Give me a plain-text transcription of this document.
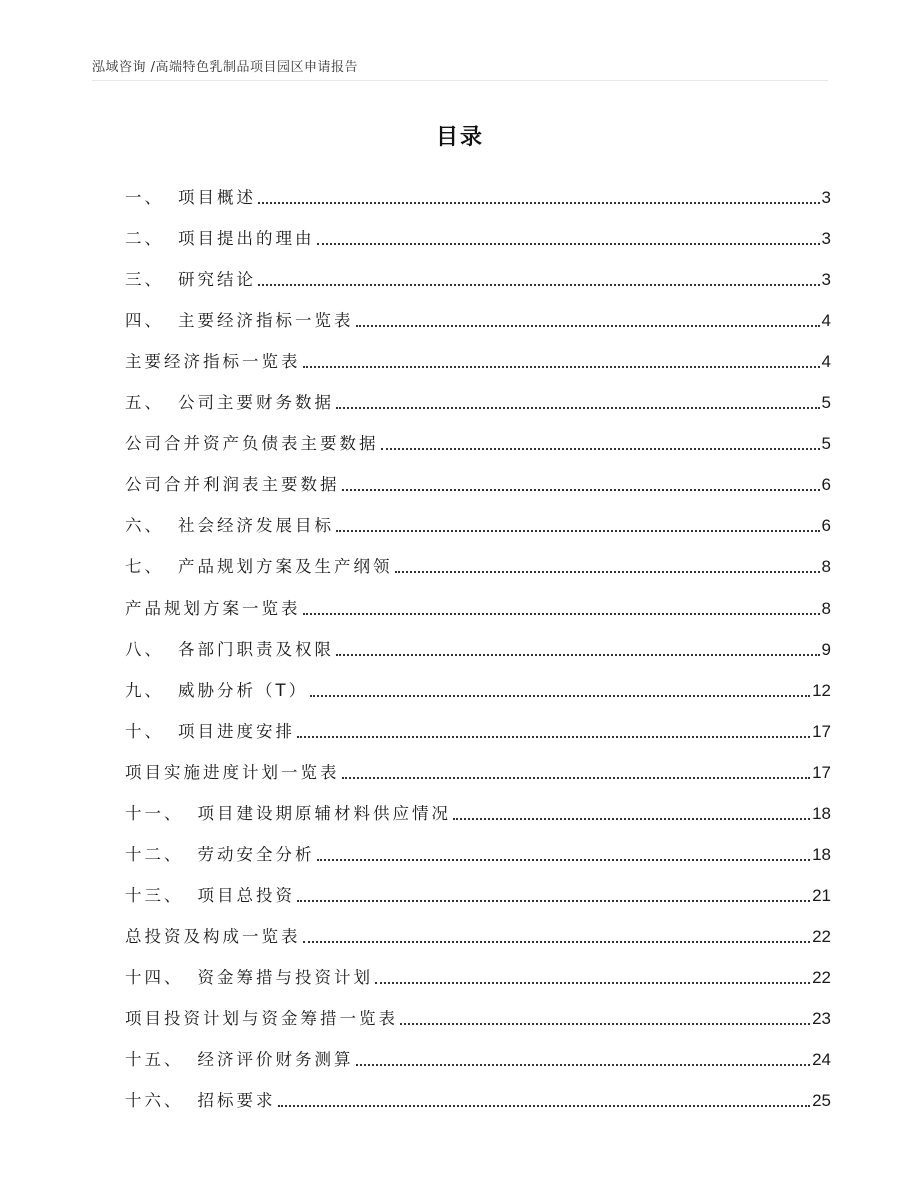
泓域咨询 /高端特色乳制品项目园区申请报告
目录
一、 项目概述	3
二、 项目提出的理由	3
三、 研究结论	3
四、 主要经济指标一览表	4
主要经济指标一览表	4
五、 公司主要财务数据	5
公司合并资产负债表主要数据	5
公司合并利润表主要数据	6
六、 社会经济发展目标	6
七、 产品规划方案及生产纲领	8
产品规划方案一览表	8
八、 各部门职责及权限	9
九、 威胁分析（T）	12
十、 项目进度安排	17
项目实施进度计划一览表	17
十一、 项目建设期原辅材料供应情况	18
十二、 劳动安全分析	18
十三、 项目总投资	21
总投资及构成一览表	22
十四、 资金筹措与投资计划	22
项目投资计划与资金筹措一览表	23
十五、 经济评价财务测算	24
十六、 招标要求	25
